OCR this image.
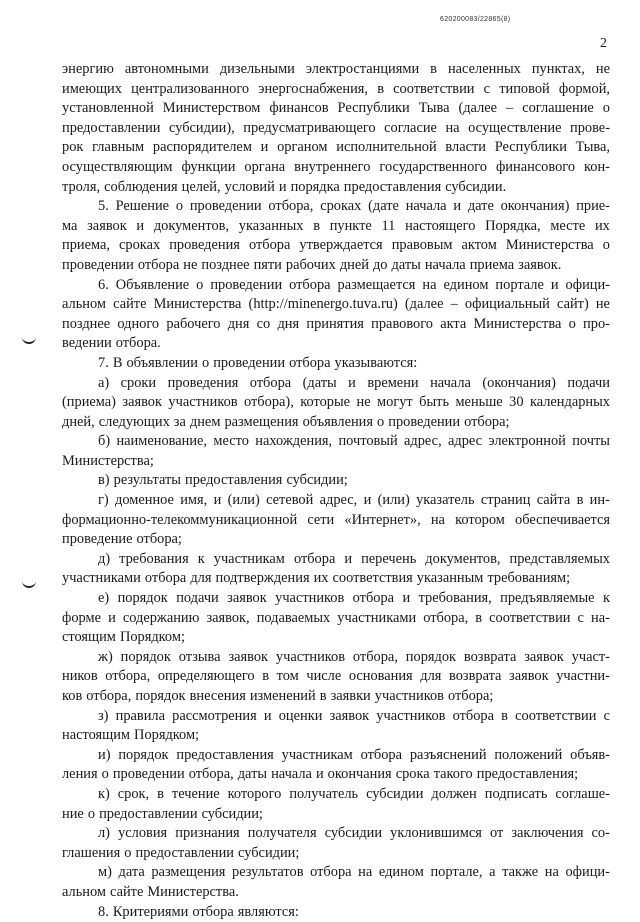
620200083/22865(8)
2
энергию автономными дизельными электростанциями в населенных пунктах, не
имеющих централизованного энергоснабжения, в соответствии с типовой формой,
установленной Министерством финансов Республики Тыва (далее – соглашение о
предоставлении субсидии), предусматривающего согласие на осуществление прове-
рок главным распорядителем и органом исполнительной власти Республики Тыва,
осуществляющим функции органа внутреннего государственного финансового кон-
троля, соблюдения целей, условий и порядка предоставления субсидии.
5. Решение о проведении отбора, сроках (дате начала и дате окончания) прие-
ма заявок и документов, указанных в пункте 11 настоящего Порядка, месте их
приема, сроках проведения отбора утверждается правовым актом Министерства о
проведении отбора не позднее пяти рабочих дней до даты начала приема заявок.
6. Объявление о проведении отбора размещается на едином портале и офици-
альном сайте Министерства (http://minenergo.tuva.ru) (далее – официальный сайт) не
позднее одного рабочего дня со дня принятия правового акта Министерства о про-
ведении отбора.
7. В объявлении о проведении отбора указываются:
а) сроки проведения отбора (даты и времени начала (окончания) подачи
(приема) заявок участников отбора), которые не могут быть меньше 30 календарных
дней, следующих за днем размещения объявления о проведении отбора;
б) наименование, место нахождения, почтовый адрес, адрес электронной почты
Министерства;
в) результаты предоставления субсидии;
г) доменное имя, и (или) сетевой адрес, и (или) указатель страниц сайта в ин-
формационно-телекоммуникационной сети «Интернет», на котором обеспечивается
проведение отбора;
д) требования к участникам отбора и перечень документов, представляемых
участниками отбора для подтверждения их соответствия указанным требованиям;
е) порядок подачи заявок участников отбора и требования, предъявляемые к
форме и содержанию заявок, подаваемых участниками отбора, в соответствии с на-
стоящим Порядком;
ж) порядок отзыва заявок участников отбора, порядок возврата заявок участ-
ников отбора, определяющего в том числе основания для возврата заявок участни-
ков отбора, порядок внесения изменений в заявки участников отбора;
з) правила рассмотрения и оценки заявок участников отбора в соответствии с
настоящим Порядком;
и) порядок предоставления участникам отбора разъяснений положений объяв-
ления о проведении отбора, даты начала и окончания срока такого предоставления;
к) срок, в течение которого получатель субсидии должен подписать соглаше-
ние о предоставлении субсидии;
л) условия признания получателя субсидии уклонившимся от заключения со-
глашения о предоставлении субсидии;
м) дата размещения результатов отбора на едином портале, а также на офици-
альном сайте Министерства.
8. Критериями отбора являются:
